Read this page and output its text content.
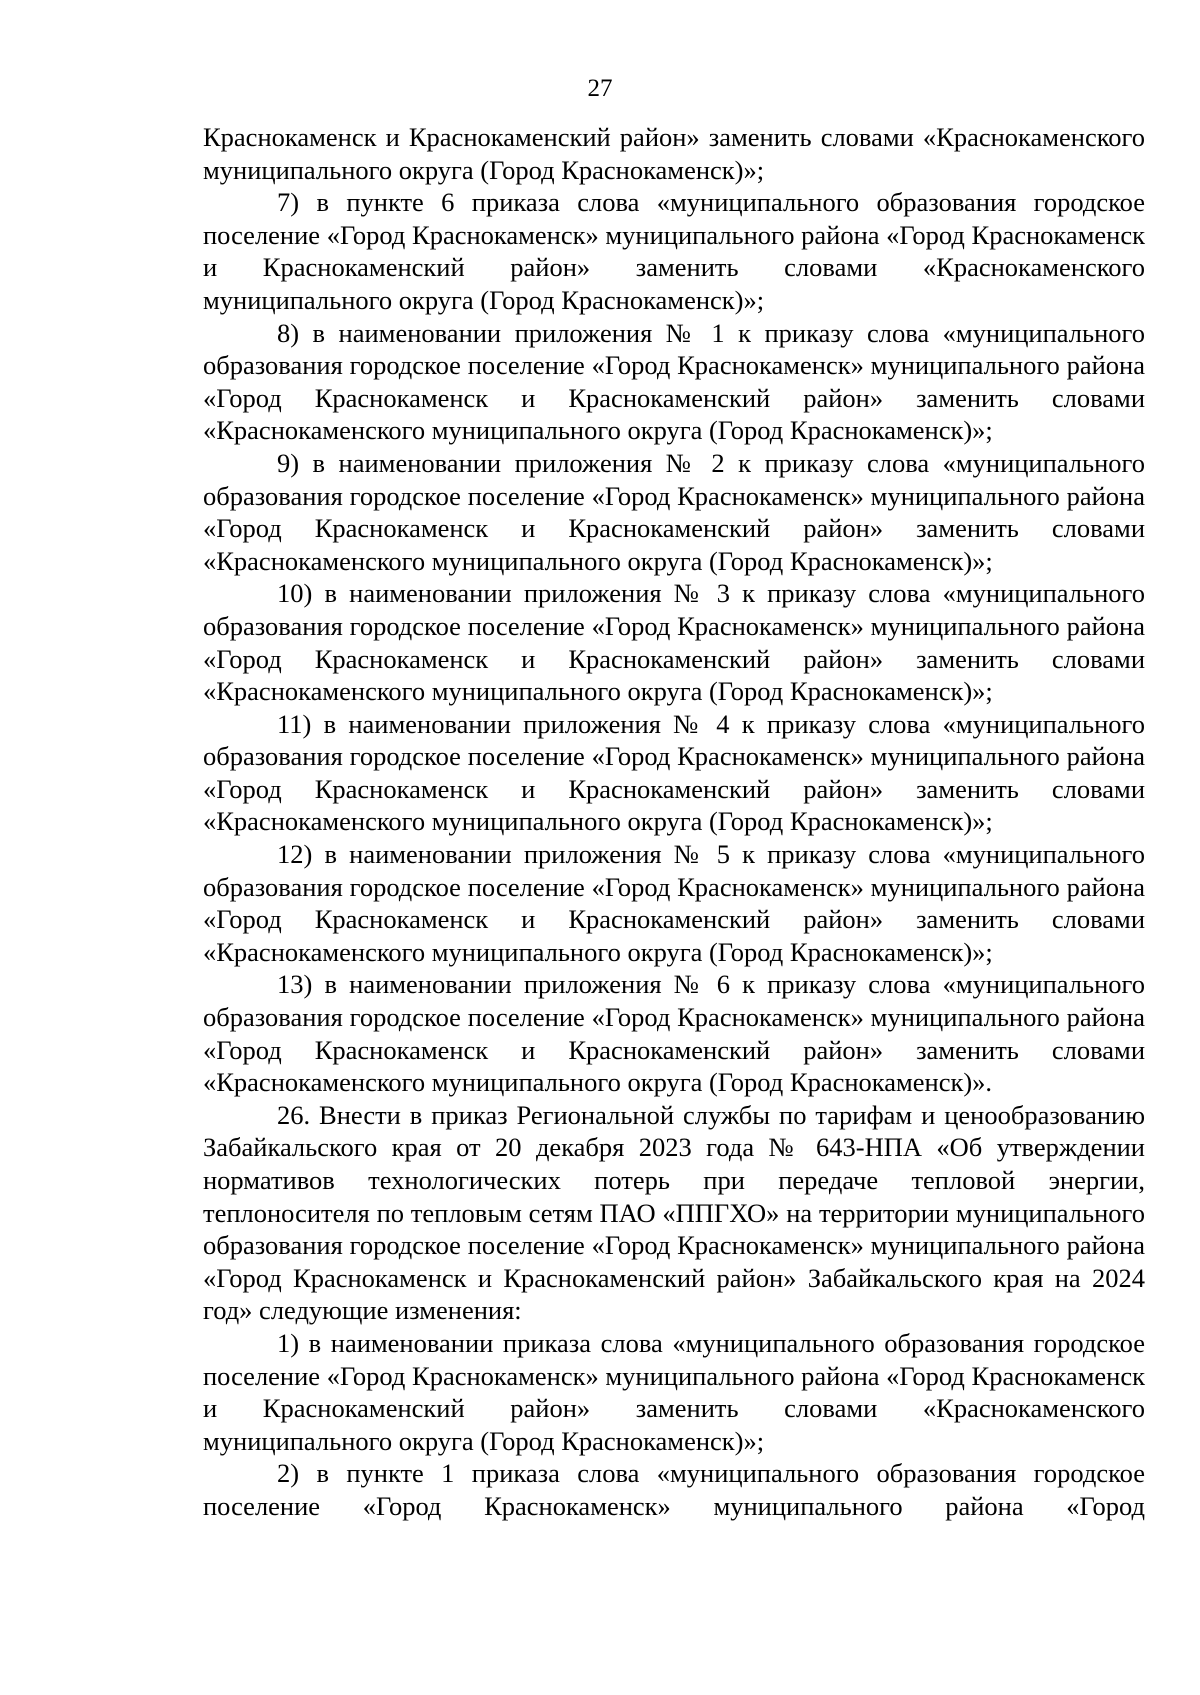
27

Краснокаменск и Краснокаменский район» заменить словами «Краснокаменского муниципального округа (Город Краснокаменск)»;

7) в пункте 6 приказа слова «муниципального образования городское поселение «Город Краснокаменск» муниципального района «Город Краснокаменск и Краснокаменский район» заменить словами «Краснокаменского муниципального округа (Город Краснокаменск)»;

8) в наименовании приложения № 1 к приказу слова «муниципального образования городское поселение «Город Краснокаменск» муниципального района «Город Краснокаменск и Краснокаменский район» заменить словами «Краснокаменского муниципального округа (Город Краснокаменск)»;

9) в наименовании приложения № 2 к приказу слова «муниципального образования городское поселение «Город Краснокаменск» муниципального района «Город Краснокаменск и Краснокаменский район» заменить словами «Краснокаменского муниципального округа (Город Краснокаменск)»;

10) в наименовании приложения № 3 к приказу слова «муниципального образования городское поселение «Город Краснокаменск» муниципального района «Город Краснокаменск и Краснокаменский район» заменить словами «Краснокаменского муниципального округа (Город Краснокаменск)»;

11) в наименовании приложения № 4 к приказу слова «муниципального образования городское поселение «Город Краснокаменск» муниципального района «Город Краснокаменск и Краснокаменский район» заменить словами «Краснокаменского муниципального округа (Город Краснокаменск)»;

12) в наименовании приложения № 5 к приказу слова «муниципального образования городское поселение «Город Краснокаменск» муниципального района «Город Краснокаменск и Краснокаменский район» заменить словами «Краснокаменского муниципального округа (Город Краснокаменск)»;

13) в наименовании приложения № 6 к приказу слова «муниципального образования городское поселение «Город Краснокаменск» муниципального района «Город Краснокаменск и Краснокаменский район» заменить словами «Краснокаменского муниципального округа (Город Краснокаменск)».

26. Внести в приказ Региональной службы по тарифам и ценообразованию Забайкальского края от 20 декабря 2023 года № 643-НПА «Об утверждении нормативов технологических потерь при передаче тепловой энергии, теплоносителя по тепловым сетям ПАО «ППГХО» на территории муниципального образования городское поселение «Город Краснокаменск» муниципального района «Город Краснокаменск и Краснокаменский район» Забайкальского края на 2024 год» следующие изменения:

1) в наименовании приказа слова «муниципального образования городское поселение «Город Краснокаменск» муниципального района «Город Краснокаменск и Краснокаменский район» заменить словами «Краснокаменского муниципального округа (Город Краснокаменск)»;

2) в пункте 1 приказа слова «муниципального образования городское поселение «Город Краснокаменск» муниципального района «Город
